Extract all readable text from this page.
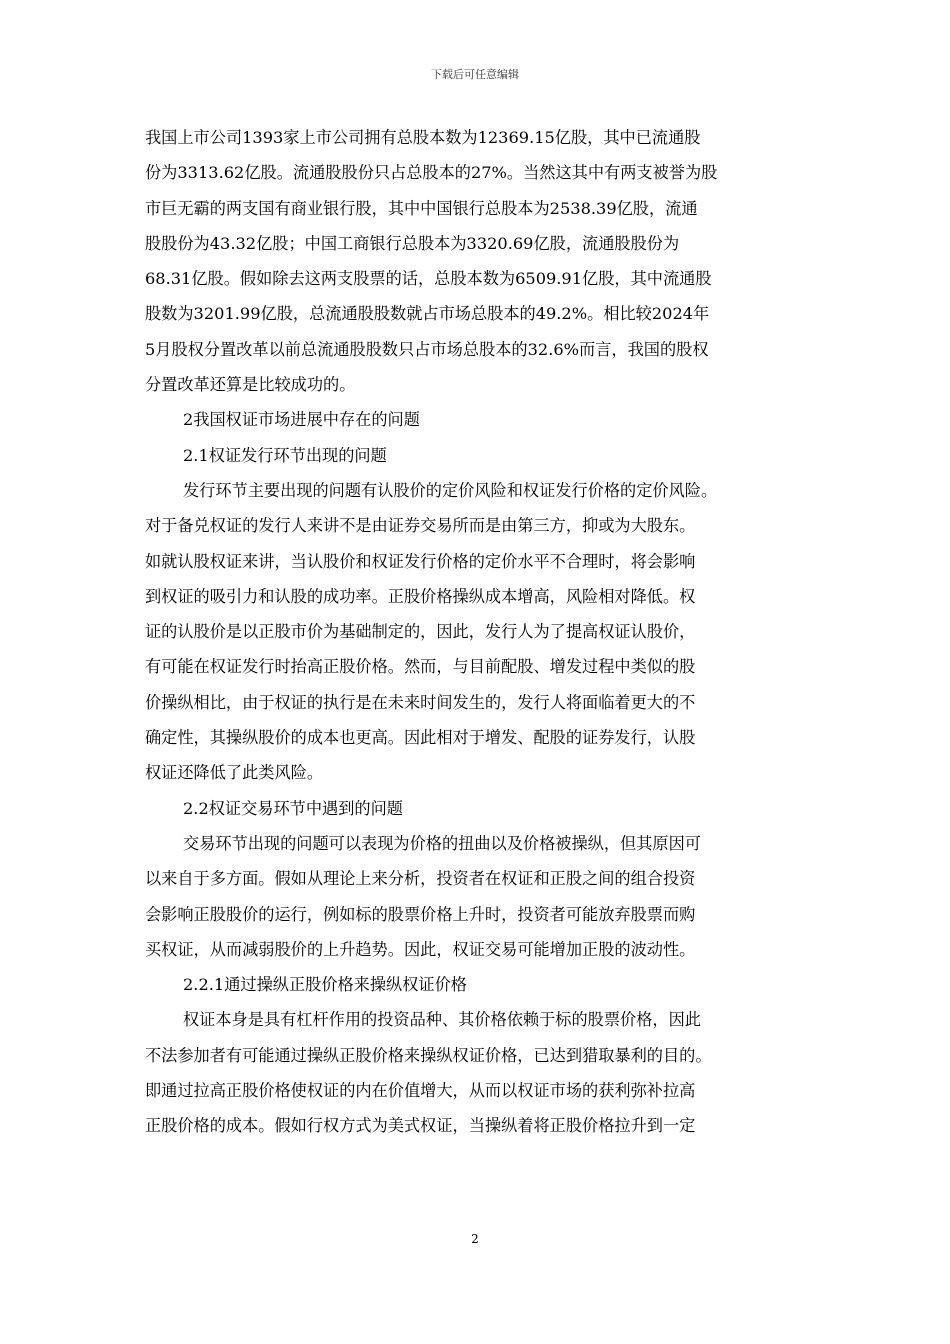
下载后可任意编辑
我国上市公司1393家上市公司拥有总股本数为12369.15亿股，其中已流通股
份为3313.62亿股。流通股股份只占总股本的27%。当然这其中有两支被誉为股
市巨无霸的两支国有商业银行股，其中中国银行总股本为2538.39亿股，流通
股股份为43.32亿股；中国工商银行总股本为3320.69亿股，流通股股份为
68.31亿股。假如除去这两支股票的话，总股本数为6509.91亿股，其中流通股
股数为3201.99亿股，总流通股股数就占市场总股本的49.2%。相比较2024年
5月股权分置改革以前总流通股股数只占市场总股本的32.6%而言，我国的股权
分置改革还算是比较成功的。
2我国权证市场进展中存在的问题
2.1权证发行环节出现的问题
发行环节主要出现的问题有认股价的定价风险和权证发行价格的定价风险。
对于备兑权证的发行人来讲不是由证券交易所而是由第三方，抑或为大股东。
如就认股权证来讲，当认股价和权证发行价格的定价水平不合理时，将会影响
到权证的吸引力和认股的成功率。正股价格操纵成本增高，风险相对降低。权
证的认股价是以正股市价为基础制定的，因此，发行人为了提高权证认股价，
有可能在权证发行时抬高正股价格。然而，与目前配股、增发过程中类似的股
价操纵相比，由于权证的执行是在未来时间发生的，发行人将面临着更大的不
确定性，其操纵股价的成本也更高。因此相对于增发、配股的证券发行，认股
权证还降低了此类风险。
2.2权证交易环节中遇到的问题
交易环节出现的问题可以表现为价格的扭曲以及价格被操纵，但其原因可
以来自于多方面。假如从理论上来分析，投资者在权证和正股之间的组合投资
会影响正股股价的运行，例如标的股票价格上升时，投资者可能放弃股票而购
买权证，从而减弱股价的上升趋势。因此，权证交易可能增加正股的波动性。
2.2.1通过操纵正股价格来操纵权证价格
权证本身是具有杠杆作用的投资品种、其价格依赖于标的股票价格，因此
不法参加者有可能通过操纵正股价格来操纵权证价格，已达到猎取暴利的目的。
即通过拉高正股价格使权证的内在价值增大，从而以权证市场的获利弥补拉高
正股价格的成本。假如行权方式为美式权证，当操纵着将正股价格拉升到一定
2
